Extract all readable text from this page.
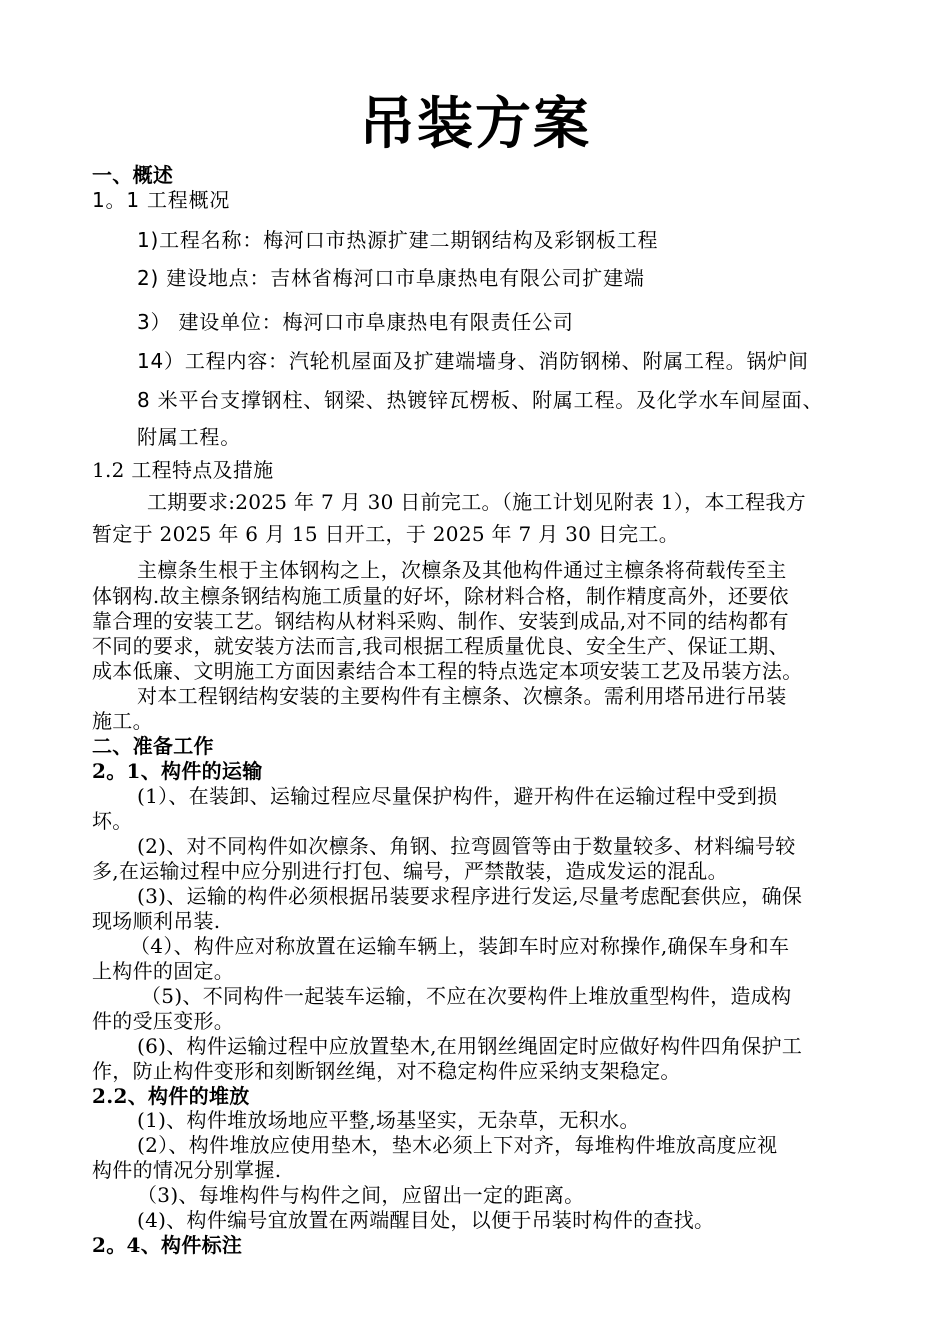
吊装方案
一、概述
1。1 工程概况
1)工程名称：梅河口市热源扩建二期钢结构及彩钢板工程
2) 建设地点：吉林省梅河口市阜康热电有限公司扩建端
3） 建设单位：梅河口市阜康热电有限责任公司
14）工程内容：汽轮机屋面及扩建端墙身、消防钢梯、附属工程。锅炉间
8 米平台支撑钢柱、钢梁、热镀锌瓦楞板、附属工程。及化学水车间屋面、
附属工程。
1.2 工程特点及措施
工期要求:2025 年 7 月 30 日前完工。（施工计划见附表 1），本工程我方
暂定于 2025 年 6 月 15 日开工，于 2025 年 7 月 30 日完工。
主檩条生根于主体钢构之上，次檩条及其他构件通过主檩条将荷载传至主
体钢构.故主檩条钢结构施工质量的好坏，除材料合格，制作精度高外，还要依
靠合理的安装工艺。钢结构从材料采购、制作、安装到成品,对不同的结构都有
不同的要求，就安装方法而言,我司根据工程质量优良、安全生产、保证工期、
成本低廉、文明施工方面因素结合本工程的特点选定本项安装工艺及吊装方法。
对本工程钢结构安装的主要构件有主檩条、次檩条。需利用塔吊进行吊装
施工。
二、准备工作
2。1、构件的运输
(1）、在装卸、运输过程应尽量保护构件，避开构件在运输过程中受到损
坏。
(2)、对不同构件如次檩条、角钢、拉弯圆管等由于数量较多、材料编号较
多,在运输过程中应分别进行打包、编号，严禁散装，造成发运的混乱。
(3)、运输的构件必须根据吊装要求程序进行发运,尽量考虑配套供应，确保
现场顺利吊装.
（4）、构件应对称放置在运输车辆上，装卸车时应对称操作,确保车身和车
上构件的固定。
（5)、不同构件一起装车运输，不应在次要构件上堆放重型构件，造成构
件的受压变形。
(6)、构件运输过程中应放置垫木,在用钢丝绳固定时应做好构件四角保护工
作，防止构件变形和刻断钢丝绳，对不稳定构件应采纳支架稳定。
2.2、构件的堆放
(1)、构件堆放场地应平整,场基坚实，无杂草，无积水。
(2）、构件堆放应使用垫木，垫木必须上下对齐，每堆构件堆放高度应视
构件的情况分别掌握.
（3)、每堆构件与构件之间，应留出一定的距离。
(4)、构件编号宜放置在两端醒目处，以便于吊装时构件的查找。
2。4、构件标注
